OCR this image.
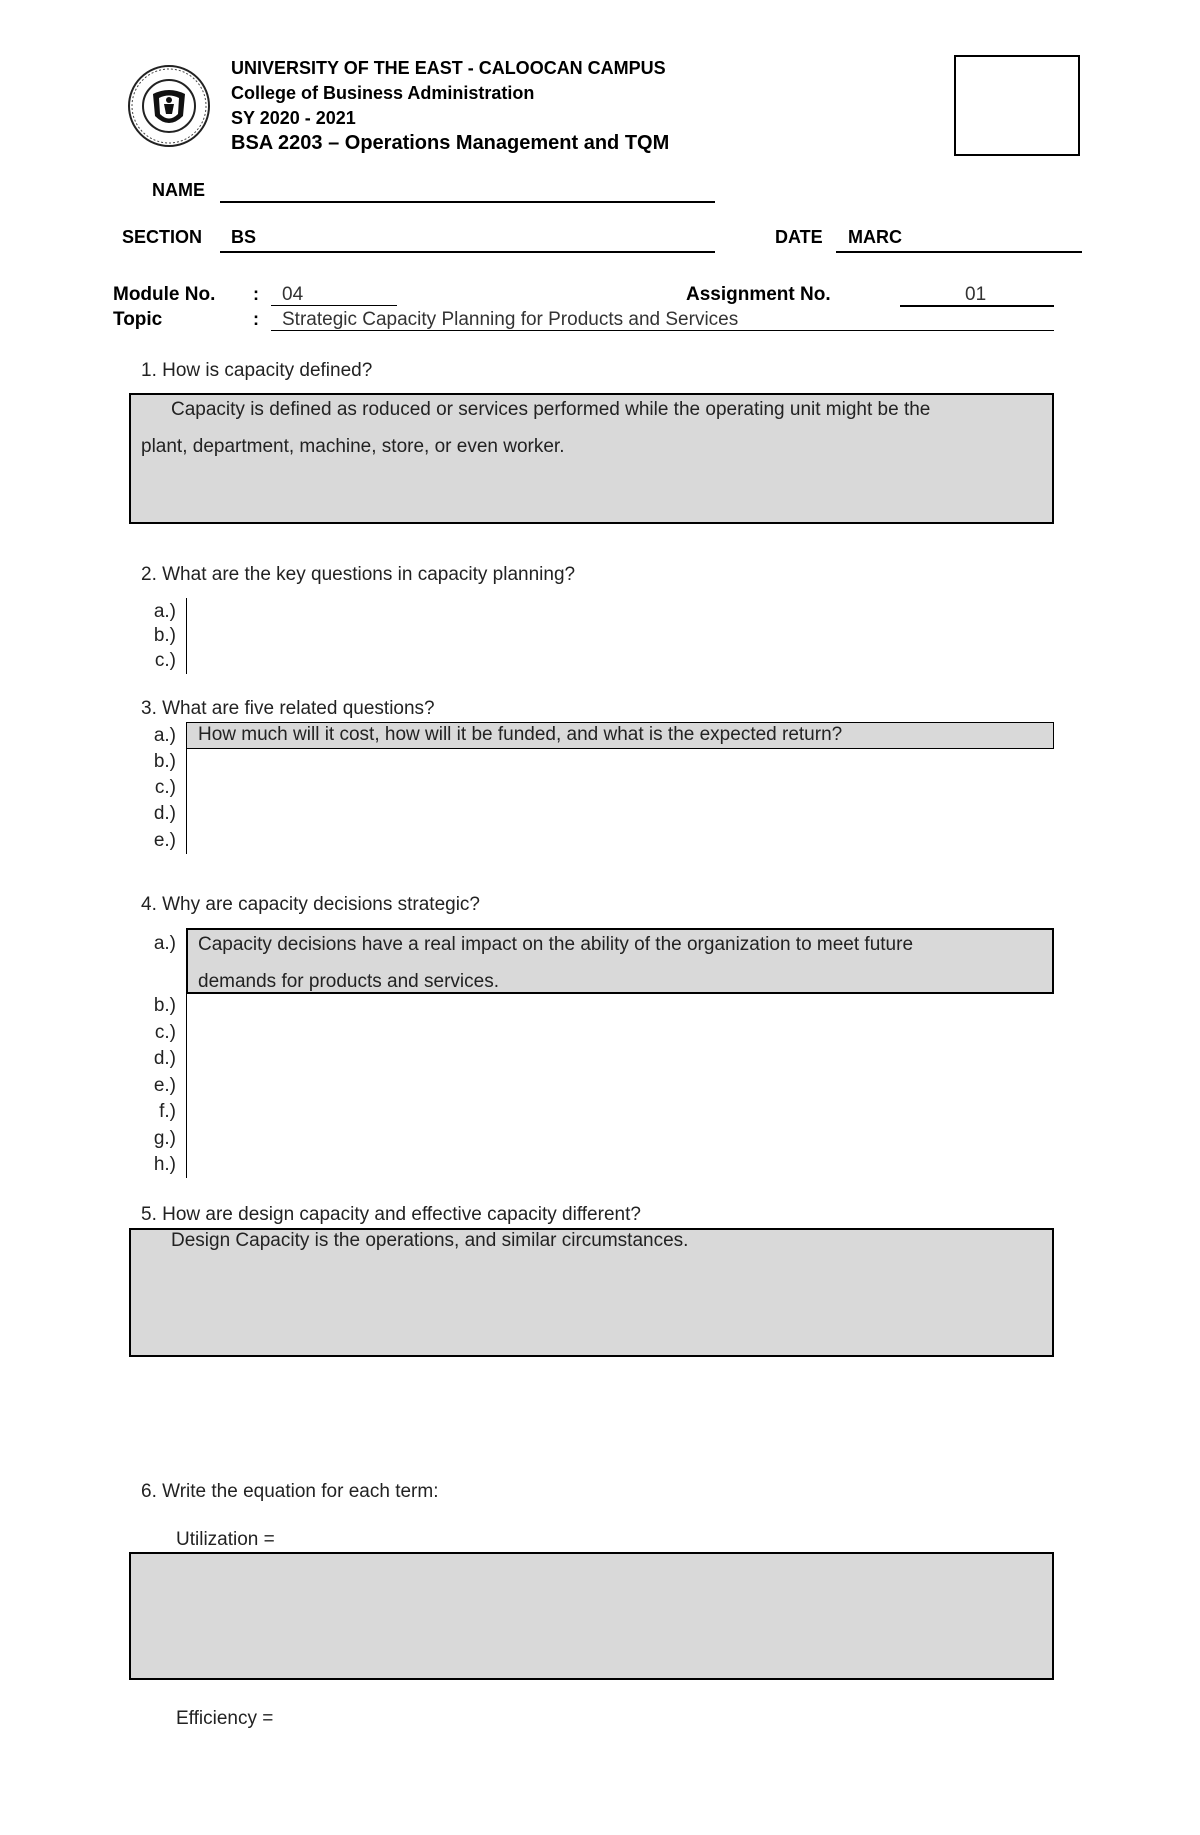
UNIVERSITY OF THE EAST - CALOOCAN CAMPUS
College of Business Administration
SY 2020 - 2021
BSA 2203 – Operations Management and TQM
NAME
SECTION BS	DATE MARC
Module No. : 04	Assignment No.	01
Topic	: Strategic Capacity Planning for Products and Services
1. How is capacity defined?
Capacity is defined as roduced or services performed while the operating unit might be the
plant, department, machine, store, or even worker.
2. What are the key questions in capacity planning?
a.)
b.)
c.)
3. What are five related questions?
a.)
b.)
c.)
d.)
e.)
How much will it cost, how will it be funded, and what is the expected return?
4. Why are capacity decisions strategic?
a.)
b.)
c.)
d.)
e.)
f.)
g.)
h.)
Capacity decisions have a real impact on the ability of the organization to meet future
demands for products and services.
5. How are design capacity and effective capacity different?
Design Capacity is the operations, and similar circumstances.
6. Write the equation for each term:
Utilization =
Efficiency =
